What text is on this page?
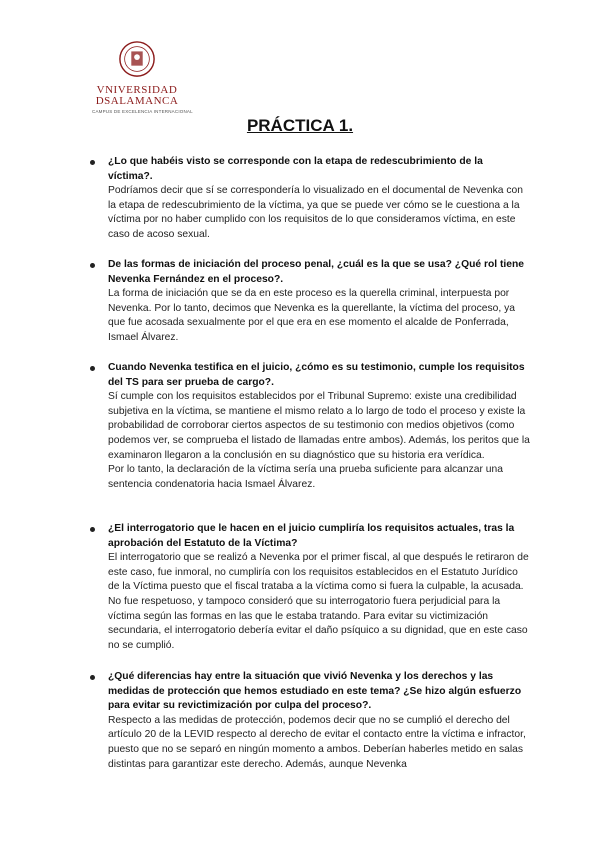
VNIVERSIDAD
DSALAMANCA
CAMPUS DE EXCELENCIA INTERNACIONAL
PRÁCTICA 1.
¿Lo que habéis visto se corresponde con la etapa de redescubrimiento de la víctima?.
Podríamos decir que sí se correspondería lo visualizado en el documental de Nevenka con la etapa de redescubrimiento de la víctima, ya que se puede ver cómo se le cuestiona a la víctima por no haber cumplido con los requisitos de lo que consideramos víctima, en este caso de acoso sexual.
De las formas de iniciación del proceso penal, ¿cuál es la que se usa? ¿Qué rol tiene Nevenka Fernández en el proceso?.
La forma de iniciación que se da en este proceso es la querella criminal, interpuesta por Nevenka. Por lo tanto, decimos que Nevenka es la querellante, la víctima del proceso, ya que fue acosada sexualmente por el que era en ese momento el alcalde de Ponferrada, Ismael Álvarez.
Cuando Nevenka testifica en el juicio, ¿cómo es su testimonio, cumple los requisitos del TS para ser prueba de cargo?.
Sí cumple con los requisitos establecidos por el Tribunal Supremo: existe una credibilidad subjetiva en la víctima, se mantiene el mismo relato a lo largo de todo el proceso y existe la probabilidad de corroborar ciertos aspectos de su testimonio con medios objetivos (como podemos ver, se comprueba el listado de llamadas entre ambos). Además, los peritos que la examinaron llegaron a la conclusión en su diagnóstico que su historia era verídica.
Por lo tanto, la declaración de la víctima sería una prueba suficiente para alcanzar una sentencia condenatoria hacia Ismael Álvarez.
¿El interrogatorio que le hacen en el juicio cumpliría los requisitos actuales, tras la aprobación del Estatuto de la Víctima?
El interrogatorio que se realizó a Nevenka por el primer fiscal, al que después le retiraron de este caso, fue inmoral, no cumpliría con los requisitos establecidos en el Estatuto Jurídico de la Víctima puesto que el fiscal trataba a la víctima como si fuera la culpable, la acusada. No fue respetuoso, y tampoco consideró que su interrogatorio fuera perjudicial para la víctima según las formas en las que le estaba tratando. Para evitar su victimización secundaria, el interrogatorio debería evitar el daño psíquico a su dignidad, que en este caso no se cumplió.
¿Qué diferencias hay entre la situación que vivió Nevenka y los derechos y las medidas de protección que hemos estudiado en este tema? ¿Se hizo algún esfuerzo para evitar su revictimización por culpa del proceso?.
Respecto a las medidas de protección, podemos decir que no se cumplió el derecho del artículo 20 de la LEVID respecto al derecho de evitar el contacto entre la víctima e infractor, puesto que no se separó en ningún momento a ambos. Deberían haberles metido en salas distintas para garantizar este derecho. Además, aunque Nevenka
